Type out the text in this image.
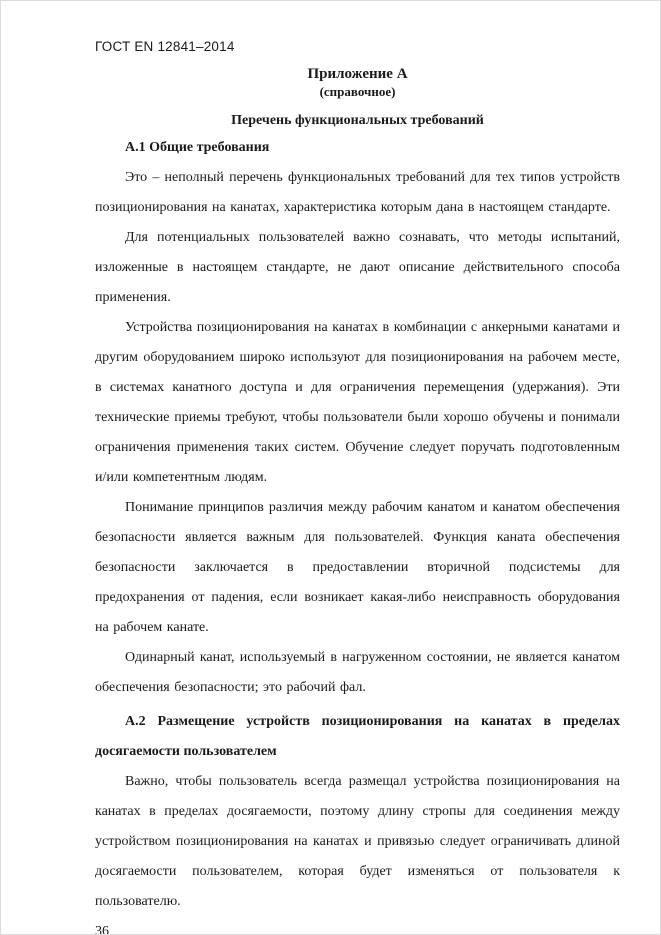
ГОСТ EN 12841–2014
Приложение А
(справочное)
Перечень функциональных требований

А.1 Общие требования

Это – неполный перечень функциональных требований для тех типов устройств позиционирования на канатах, характеристика которым дана в настоящем стандарте.

Для потенциальных пользователей важно сознавать, что методы испытаний, изложенные в настоящем стандарте, не дают описание действительного способа применения.

Устройства позиционирования на канатах в комбинации с анкерными канатами и другим оборудованием широко используют для позиционирования на рабочем месте, в системах канатного доступа и для ограничения перемещения (удержания). Эти технические приемы требуют, чтобы пользователи были хорошо обучены и понимали ограничения применения таких систем. Обучение следует поручать подготовленным и/или компетентным людям.

Понимание принципов различия между рабочим канатом и канатом обеспечения безопасности является важным для пользователей. Функция каната обеспечения безопасности заключается в предоставлении вторичной подсистемы для предохранения от падения, если возникает какая-либо неисправность оборудования на рабочем канате.

Одинарный канат, используемый в нагруженном состоянии, не является канатом обеспечения безопасности; это рабочий фал.

А.2 Размещение устройств позиционирования на канатах в пределах досягаемости пользователем

Важно, чтобы пользователь всегда размещал устройства позиционирования на канатах в пределах досягаемости, поэтому длину стропы для соединения между устройством позиционирования на канатах и привязью следует ограничивать длиной досягаемости пользователем, которая будет изменяться от пользователя к пользователю.

36
